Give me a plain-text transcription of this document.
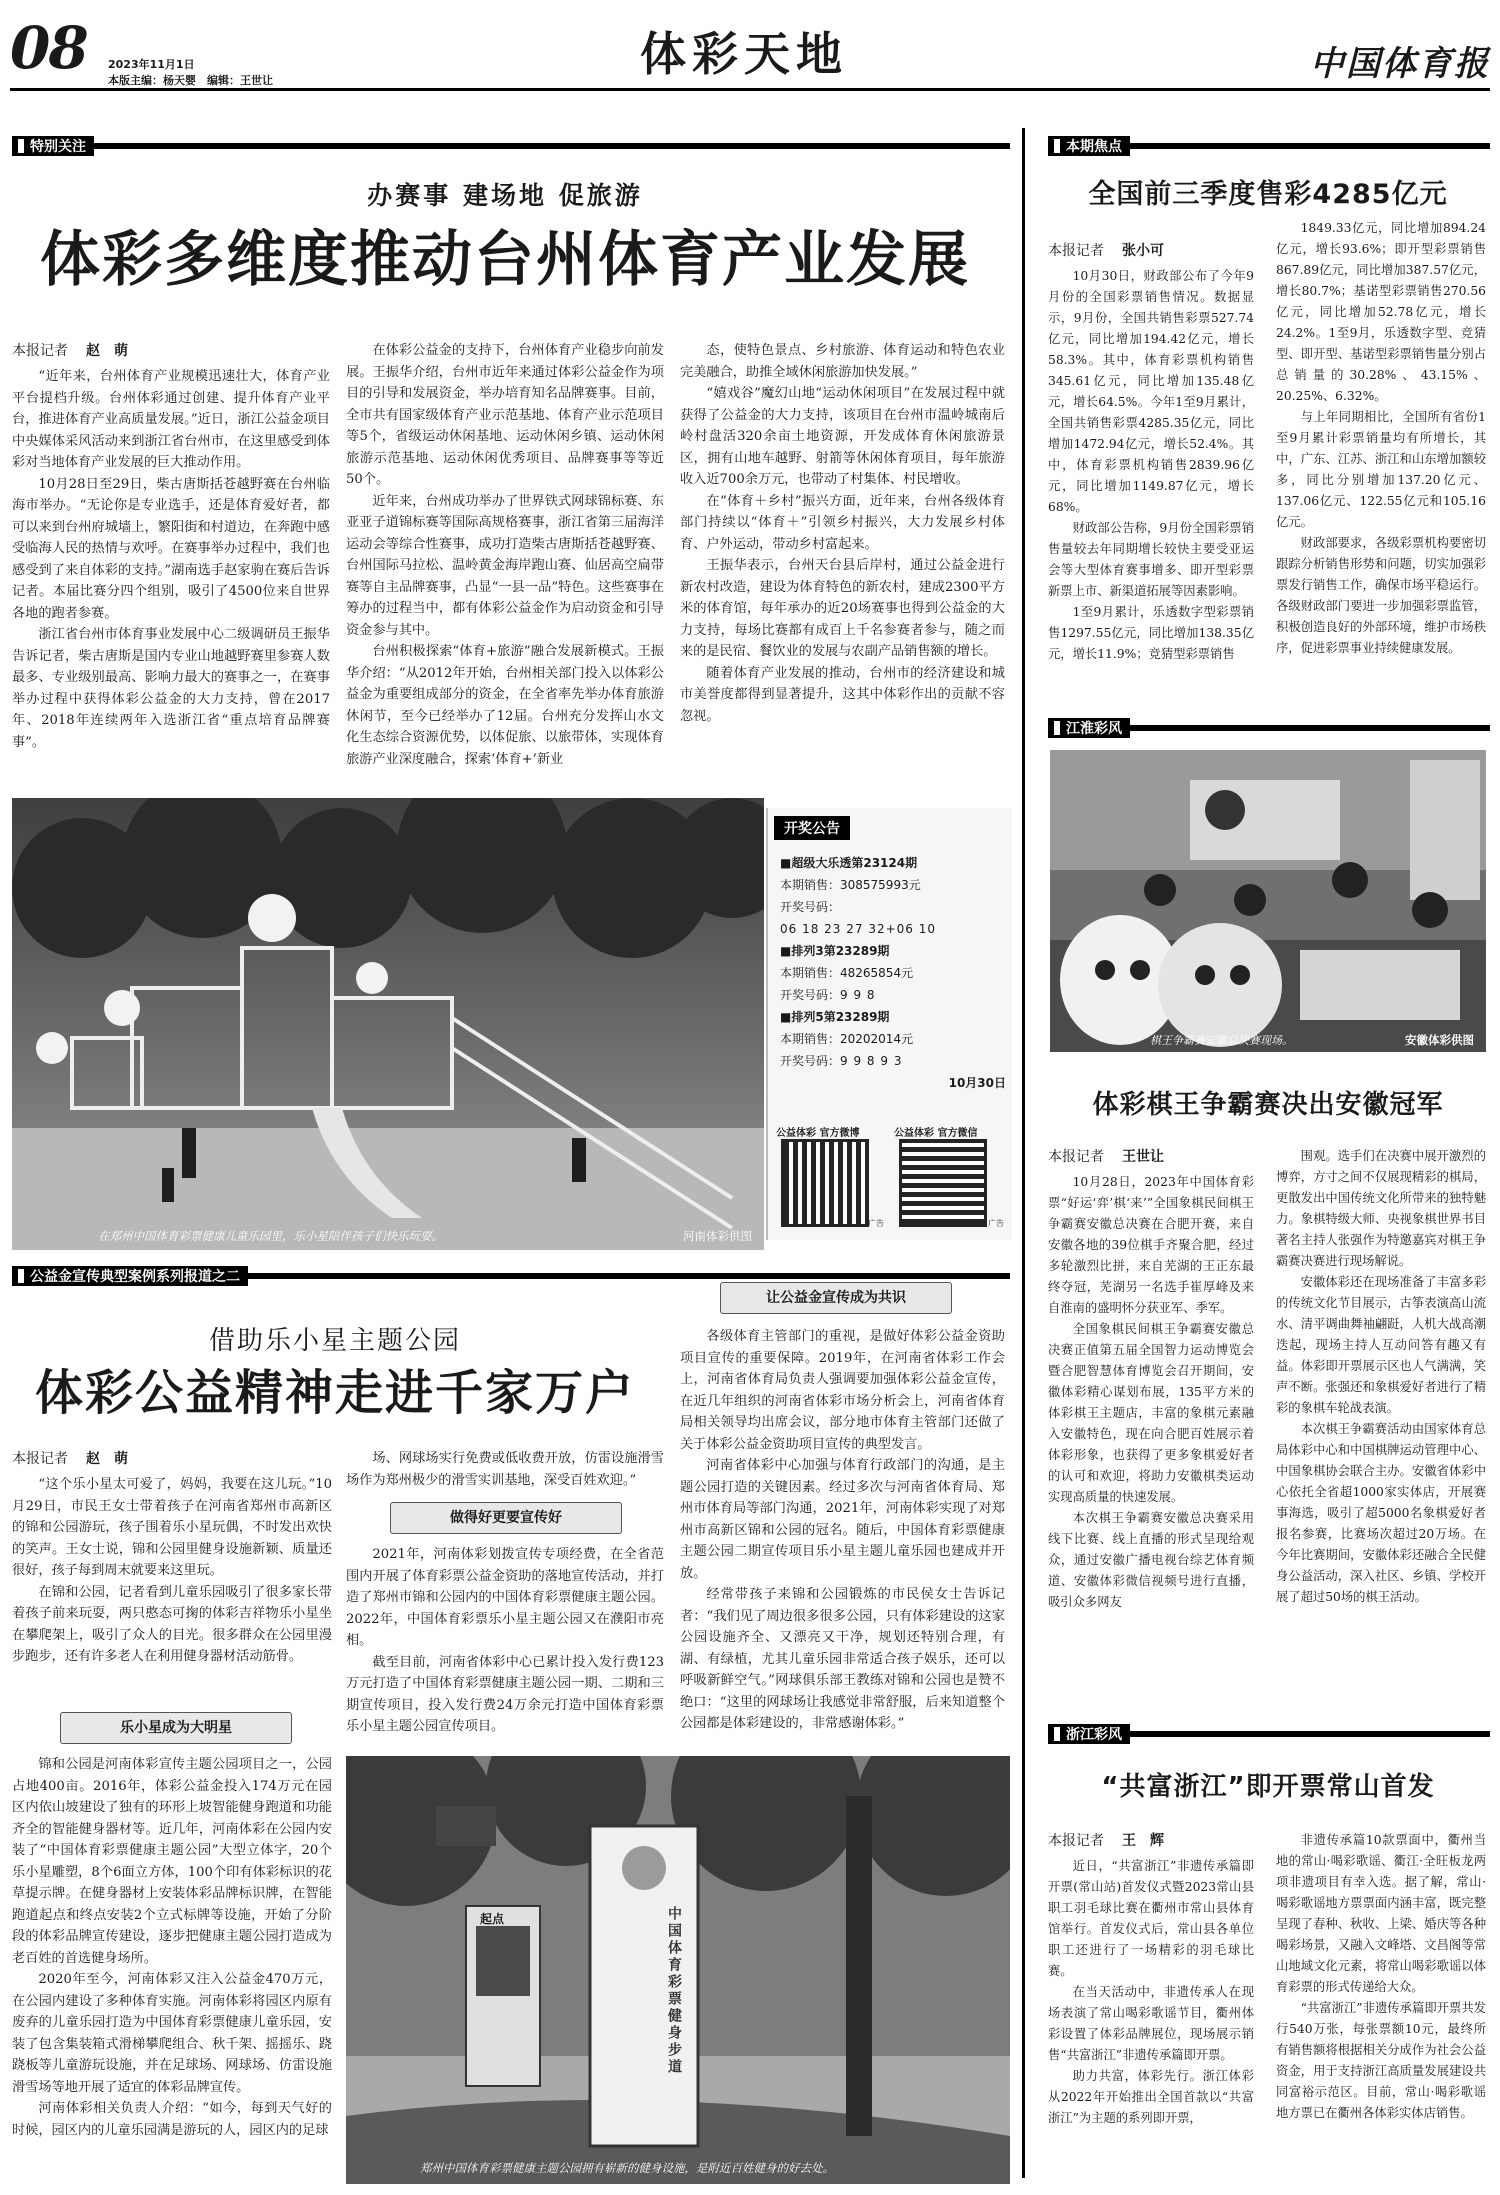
08 2023年11月1日
本版主编：杨天婴　编辑：王世让	体彩天地	中国体育报
特别关注
办赛事 建场地 促旅游
体彩多维度推动台州体育产业发展
本报记者 赵　萌

“近年来，台州体育产业规模迅速壮大，体育产业平台提档升级。台州体彩通过创建、提升体育产业平台，推进体育产业高质量发展。”近日，浙江公益金项目中央媒体采风活动来到浙江省台州市，在这里感受到体彩对当地体育产业发展的巨大推动作用。

10月28日至29日，柴古唐斯括苍越野赛在台州临海市举办。“无论你是专业选手，还是体育爱好者，都可以来到台州府城墙上，繁阳街和村道边，在奔跑中感受临海人民的热情与欢呼。在赛事举办过程中，我们也感受到了来自体彩的支持。”湖南选手赵家驹在赛后告诉记者。本届比赛分四个组别，吸引了4500位来自世界各地的跑者参赛。

浙江省台州市体育事业发展中心二级调研员王振华告诉记者，柴古唐斯是国内专业山地越野赛里参赛人数最多、专业级别最高、影响力最大的赛事之一，在赛事举办过程中获得体彩公益金的大力支持，曾在2017年、2018年连续两年入选浙江省“重点培育品牌赛事”。

在体彩公益金的支持下，台州体育产业稳步向前发展。王振华介绍，台州市近年来通过体彩公益金作为项目的引导和发展资金，举办培育知名品牌赛事。目前，全市共有国家级体育产业示范基地、体育产业示范项目等5个，省级运动休闲基地、运动休闲乡镇、运动休闲旅游示范基地、运动休闲优秀项目、品牌赛事等等近50个。

近年来，台州成功举办了世界铁式网球锦标赛、东亚亚子道锦标赛等国际高规格赛事，浙江省第三届海洋运动会等综合性赛事，成功打造柴古唐斯括苍越野赛、台州国际马拉松、温岭黄金海岸跑山赛、仙居高空扁带赛等自主品牌赛事，凸显“一县一品”特色。这些赛事在筹办的过程当中，都有体彩公益金作为启动资金和引导资金参与其中。

台州积极探索“体育+旅游”融合发展新模式。王振华介绍：“从2012年开始，台州相关部门投入以体彩公益金为重要组成部分的资金，在全省率先举办体育旅游休闲节，至今已经举办了12届。台州充分发挥山水文化生态综合资源优势，以体促旅、以旅带体，实现体育旅游产业深度融合，探索‘体育+’新业

态，使特色景点、乡村旅游、体育运动和特色农业完美融合，助推全域休闲旅游加快发展。”

“嬉戏谷”魔幻山地“运动休闲项目”在发展过程中就获得了公益金的大力支持，该项目在台州市温岭城南后岭村盘活320余亩土地资源，开发成体育休闲旅游景区，拥有山地车越野、射箭等休闲体育项目，每年旅游收入近700余万元，也带动了村集体、村民增收。

在“体育＋乡村”振兴方面，近年来，台州各级体育部门持续以“体育＋”引领乡村振兴，大力发展乡村体育、户外运动，带动乡村富起来。

王振华表示，台州天台县后岸村，通过公益金进行新农村改造，建设为体育特色的新农村，建成2300平方米的体育馆，每年承办的近20场赛事也得到公益金的大力支持，每场比赛都有成百上千名参赛者参与，随之而来的是民宿、餐饮业的发展与农副产品销售额的增长。

随着体育产业发展的推动，台州市的经济建设和城市美誉度都得到显著提升，这其中体彩作出的贡献不容忽视。

在郑州中国体育彩票健康儿童乐园里，乐小星陪伴孩子们快乐玩耍。	河南体彩供图
开奖公告
■超级大乐透第23124期
本期销售：308575993元
开奖号码：
06 18 23 27 32+06 10
■排列3第23289期
本期销售：48265854元
开奖号码：9 9 8
■排列5第23289期
本期销售：20202014元
开奖号码：9 9 8 9 3
10月30日
公益体彩 官方微博	公益体彩 官方微信
广告	广告
公益金宣传典型案例系列报道之二
借助乐小星主题公园
体彩公益精神走进千家万户
本报记者 赵　萌

“这个乐小星太可爱了，妈妈，我要在这儿玩。”10月29日，市民王女士带着孩子在河南省郑州市高新区的锦和公园游玩，孩子围着乐小星玩偶，不时发出欢快的笑声。王女士说，锦和公园里健身设施新颖、质量还很好，孩子每到周末就要来这里玩。

在锦和公园，记者看到儿童乐园吸引了很多家长带着孩子前来玩耍，两只憨态可掬的体彩吉祥物乐小星坐在攀爬架上，吸引了众人的目光。很多群众在公园里漫步跑步，还有许多老人在利用健身器材活动筋骨。

乐小星成为大明星

锦和公园是河南体彩宣传主题公园项目之一，公园占地400亩。2016年，体彩公益金投入174万元在园区内依山坡建设了独有的环形上坡智能健身跑道和功能齐全的智能健身器材等。近几年，河南体彩在公园内安装了“中国体育彩票健康主题公园”大型立体字，20个乐小星雕塑，8个6面立方体，100个印有体彩标识的花草提示牌。在健身器材上安装体彩品牌标识牌，在智能跑道起点和终点安装2个立式标牌等设施，开始了分阶段的体彩品牌宣传建设，逐步把健康主题公园打造成为老百姓的首选健身场所。

2020年至今，河南体彩又注入公益金470万元，在公园内建设了多种体育实施。河南体彩将园区内原有废弃的儿童乐园打造为中国体育彩票健康儿童乐园，安装了包含集装箱式滑梯攀爬组合、秋千架、摇摇乐、跷跷板等儿童游玩设施，并在足球场、网球场、仿雷设施滑雪场等地开展了适宜的体彩品牌宣传。

河南体彩相关负责人介绍：“如今，每到天气好的时候，园区内的儿童乐园满是游玩的人，园区内的足球

场、网球场实行免费或低收费开放，仿雷设施滑雪场作为郑州极少的滑雪实训基地，深受百姓欢迎。”

做得好更要宣传好

2021年，河南体彩划拨宣传专项经费，在全省范围内开展了体育彩票公益金资助的落地宣传活动，并打造了郑州市锦和公园内的中国体育彩票健康主题公园。2022年，中国体育彩票乐小星主题公园又在濮阳市亮相。

截至目前，河南省体彩中心已累计投入发行费123万元打造了中国体育彩票健康主题公园一期、二期和三期宣传项目，投入发行费24万余元打造中国体育彩票乐小星主题公园宣传项目。

让公益金宣传成为共识

各级体育主管部门的重视，是做好体彩公益金资助项目宣传的重要保障。2019年，在河南省体彩工作会上，河南省体育局负责人强调要加强体彩公益金宣传，在近几年组织的河南省体彩市场分析会上，河南省体育局相关领导均出席会议，部分地市体育主管部门还做了关于体彩公益金资助项目宣传的典型发言。

河南省体彩中心加强与体育行政部门的沟通，是主题公园打造的关键因素。经过多次与河南省体育局、郑州市体育局等部门沟通，2021年，河南体彩实现了对郑州市高新区锦和公园的冠名。随后，中国体育彩票健康主题公园二期宣传项目乐小星主题儿童乐园也建成并开放。

经常带孩子来锦和公园锻炼的市民侯女士告诉记者：“我们见了周边很多很多公园，只有体彩建设的这家公园设施齐全、又漂亮又干净，规划还特别合理，有湖、有绿植，尤其儿童乐园非常适合孩子娱乐，还可以呼吸新鲜空气。”网球俱乐部王教练对锦和公园也是赞不绝口：“这里的网球场让我感觉非常舒服，后来知道整个公园都是体彩建设的，非常感谢体彩。”

中国体育彩票健身步道
起点
郑州中国体育彩票健康主题公园拥有崭新的健身设施，是附近百姓健身的好去处。
本期焦点
全国前三季度售彩4285亿元
本报记者 张小可

10月30日，财政部公布了今年9月份的全国彩票销售情况。数据显示，9月份，全国共销售彩票527.74亿元，同比增加194.42亿元，增长58.3%。其中，体育彩票机构销售345.61亿元，同比增加135.48亿元，增长64.5%。今年1至9月累计，全国共销售彩票4285.35亿元，同比增加1472.94亿元，增长52.4%。其中，体育彩票机构销售2839.96亿元，同比增加1149.87亿元，增长68%。

财政部公告称，9月份全国彩票销售量较去年同期增长较快主要受亚运会等大型体育赛事增多、即开型彩票新票上市、新渠道拓展等因素影响。

1至9月累计，乐透数字型彩票销售1297.55亿元，同比增加138.35亿元，增长11.9%；竞猜型彩票销售

1849.33亿元，同比增加894.24亿元，增长93.6%；即开型彩票销售867.89亿元，同比增加387.57亿元，增长80.7%；基诺型彩票销售270.56亿元，同比增加52.78亿元，增长24.2%。1至9月，乐透数字型、竞猜型、即开型、基诺型彩票销售量分别占总销量的30.28%、43.15%、20.25%、6.32%。

与上年同期相比，全国所有省份1至9月累计彩票销量均有所增长，其中，广东、江苏、浙江和山东增加额较多，同比分别增加137.20亿元、137.06亿元、122.55亿元和105.16亿元。

财政部要求，各级彩票机构要密切跟踪分析销售形势和问题，切实加强彩票发行销售工作，确保市场平稳运行。各级财政部门要进一步加强彩票监管，积极创造良好的外部环境，维护市场秩序，促进彩票事业持续健康发展。

江淮彩风
棋王争霸赛安徽总决赛现场。	安徽体彩供图
体彩棋王争霸赛决出安徽冠军
本报记者 王世让

10月28日，2023年中国体育彩票“好运‘弈’棋‘来’”全国象棋民间棋王争霸赛安徽总决赛在合肥开赛，来自安徽各地的39位棋手齐聚合肥，经过多轮激烈比拼，来自芜湖的王正东最终夺冠，芜湖另一名选手崔厚峰及来自淮南的盛明怀分获亚军、季军。

全国象棋民间棋王争霸赛安徽总决赛正值第五届全国智力运动博览会暨合肥智慧体育博览会召开期间，安徽体彩精心谋划布展，135平方米的体彩棋王主题店，丰富的象棋元素融入安徽特色，现在向合肥百姓展示着体彩形象，也获得了更多象棋爱好者的认可和欢迎，将助力安徽棋类运动实现高质量的快速发展。

本次棋王争霸赛安徽总决赛采用线下比赛、线上直播的形式呈现给观众，通过安徽广播电视台综艺体育频道、安徽体彩微信视频号进行直播，吸引众多网友

围观。选手们在决赛中展开激烈的博弈，方寸之间不仅展现精彩的棋局，更散发出中国传统文化所带来的独特魅力。象棋特级大师、央视象棋世界书目著名主持人张强作为特邀嘉宾对棋王争霸赛决赛进行现场解说。

安徽体彩还在现场准备了丰富多彩的传统文化节目展示，古筝表演高山流水、清平调曲舞袖翩跹，人机大战高潮迭起，现场主持人互动问答有趣又有益。体彩即开票展示区也人气满满，笑声不断。张强还和象棋爱好者进行了精彩的象棋车轮战表演。

本次棋王争霸赛活动由国家体育总局体彩中心和中国棋牌运动管理中心、中国象棋协会联合主办。安徽省体彩中心依托全省超1000家实体店，开展赛事海选，吸引了超5000名象棋爱好者报名参赛，比赛场次超过20万场。在今年比赛期间，安徽体彩还融合全民健身公益活动，深入社区、乡镇、学校开展了超过50场的棋王活动。

浙江彩风
“共富浙江”即开票常山首发
本报记者 王　辉

近日，“共富浙江”非遗传承篇即开票(常山站)首发仪式暨2023常山县职工羽毛球比赛在衢州市常山县体育馆举行。首发仪式后，常山县各单位职工还进行了一场精彩的羽毛球比赛。

在当天活动中，非遗传承人在现场表演了常山喝彩歌谣节目，衢州体彩设置了体彩品牌展位，现场展示销售“共富浙江”非遗传承篇即开票。

助力共富，体彩先行。浙江体彩从2022年开始推出全国首款以“共富浙江”为主题的系列即开票，

非遗传承篇10款票面中，衢州当地的常山·喝彩歌谣、衢江·全旺板龙两项非遗项目有幸入选。据了解，常山·喝彩歌谣地方票票面内涵丰富，既完整呈现了春种、秋收、上梁、婚庆等各种喝彩场景，又融入文峰塔、文昌阁等常山地域文化元素，将常山喝彩歌谣以体育彩票的形式传递给大众。

“共富浙江”非遗传承篇即开票共发行540万张，每张票额10元，最终所有销售额将根据相关分成作为社会公益资金，用于支持浙江高质量发展建设共同富裕示范区。目前，常山·喝彩歌谣地方票已在衢州各体彩实体店销售。
